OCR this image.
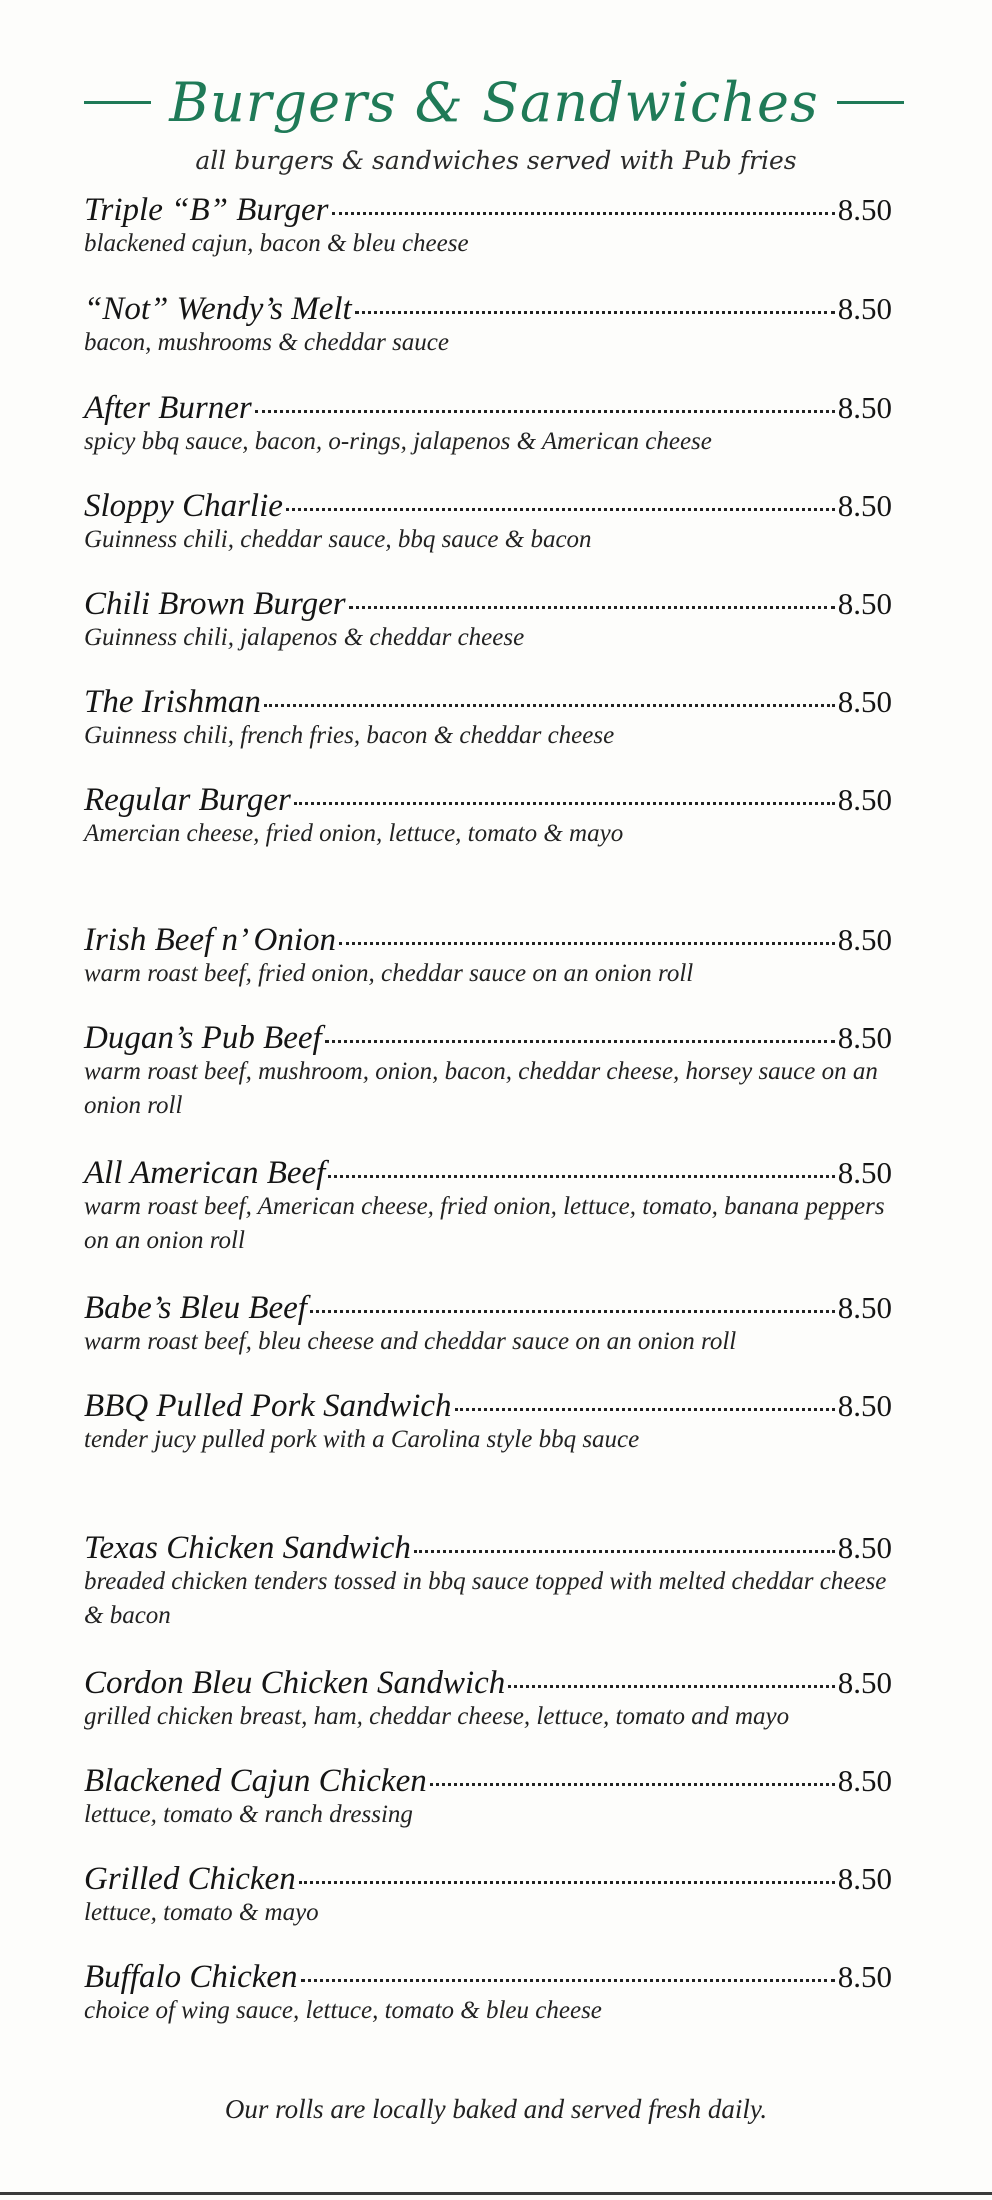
Burgers & Sandwiches
all burgers & sandwiches served with Pub fries
Triple “B” Burger	8.50
blackened cajun, bacon & bleu cheese
“Not” Wendy’s Melt	8.50
bacon, mushrooms & cheddar sauce
After Burner	8.50
spicy bbq sauce, bacon, o-rings, jalapenos & American cheese
Sloppy Charlie	8.50
Guinness chili, cheddar sauce, bbq sauce & bacon
Chili Brown Burger	8.50
Guinness chili, jalapenos & cheddar cheese
The Irishman	8.50
Guinness chili, french fries, bacon & cheddar cheese
Regular Burger	8.50
Amercian cheese, fried onion, lettuce, tomato & mayo
Irish Beef n’ Onion	8.50
warm roast beef, fried onion, cheddar sauce on an onion roll
Dugan’s Pub Beef	8.50
warm roast beef, mushroom, onion, bacon, cheddar cheese, horsey sauce on an onion roll
All American Beef	8.50
warm roast beef, American cheese, fried onion, lettuce, tomato, banana peppers on an onion roll
Babe’s Bleu Beef	8.50
warm roast beef, bleu cheese and cheddar sauce on an onion roll
BBQ Pulled Pork Sandwich	8.50
tender jucy pulled pork with a Carolina style bbq sauce
Texas Chicken Sandwich	8.50
breaded chicken tenders tossed in bbq sauce topped with melted cheddar cheese & bacon
Cordon Bleu Chicken Sandwich	8.50
grilled chicken breast, ham, cheddar cheese, lettuce, tomato and mayo
Blackened Cajun Chicken	8.50
lettuce, tomato & ranch dressing
Grilled Chicken	8.50
lettuce, tomato & mayo
Buffalo Chicken	8.50
choice of wing sauce, lettuce, tomato & bleu cheese
Our rolls are locally baked and served fresh daily.
